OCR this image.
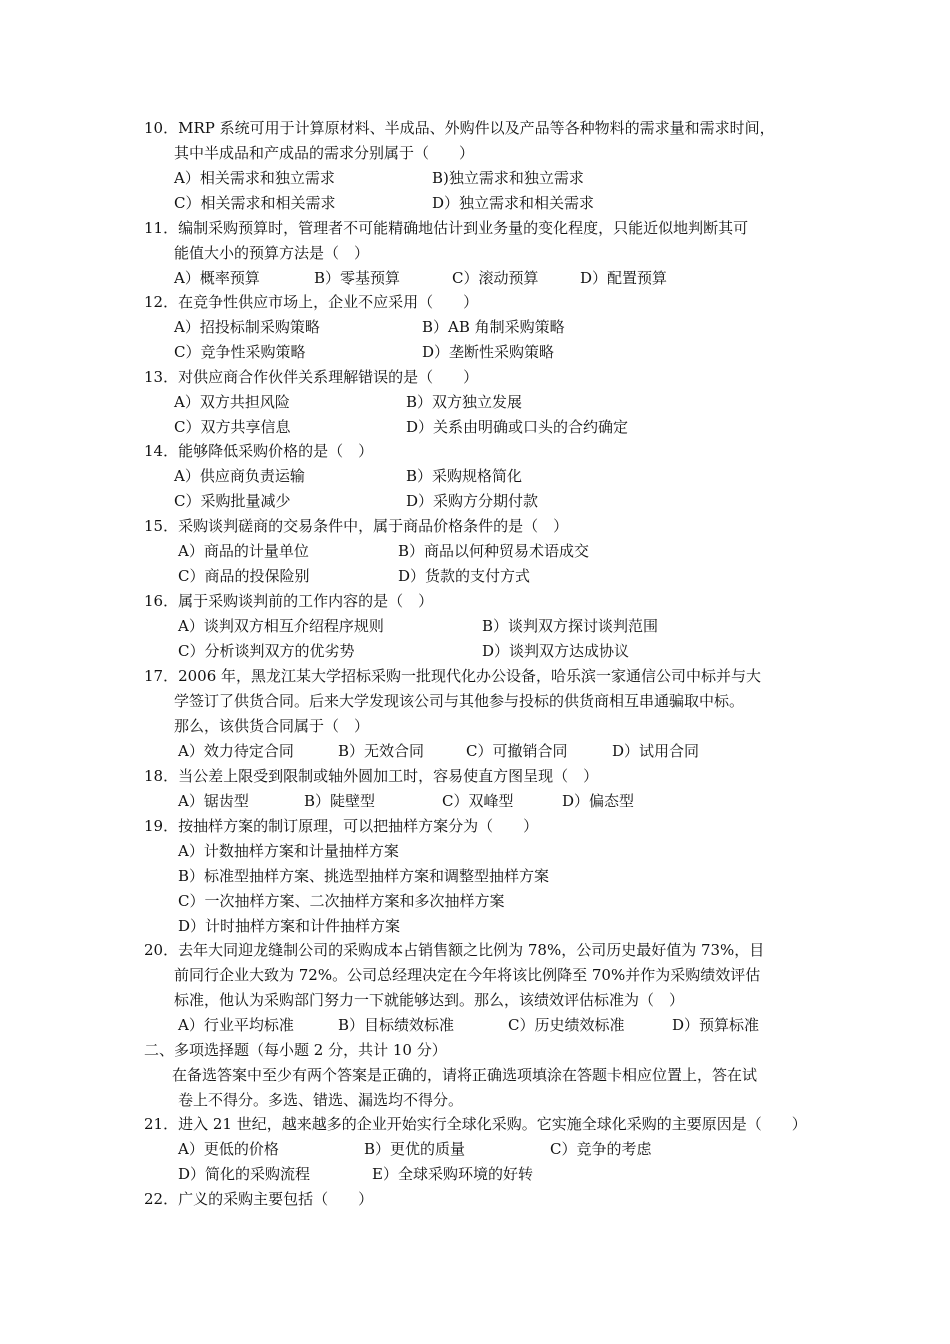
10．MRP 系统可用于计算原材料、半成品、外购件以及产品等各种物料的需求量和需求时间，
其中半成品和产成品的需求分别属于（　　）
A）相关需求和独立需求	B)独立需求和独立需求
C）相关需求和相关需求	D）独立需求和相关需求
11．编制采购预算时，管理者不可能精确地估计到业务量的变化程度，只能近似地判断其可
能值大小的预算方法是（　）
A）概率预算	B）零基预算	C）滚动预算	D）配置预算
12．在竞争性供应市场上，企业不应采用（　　）
A）招投标制采购策略	B）AB 角制采购策略
C）竞争性采购策略	D）垄断性采购策略
13．对供应商合作伙伴关系理解错误的是（　　）
A）双方共担风险	B）双方独立发展
C）双方共享信息	D）关系由明确或口头的合约确定
14．能够降低采购价格的是（　）
A）供应商负责运输	B）采购规格简化
C）采购批量减少	D）采购方分期付款
15．采购谈判磋商的交易条件中，属于商品价格条件的是（　）
A）商品的计量单位	B）商品以何种贸易术语成交
C）商品的投保险别	D）货款的支付方式
16．属于采购谈判前的工作内容的是（　）
A）谈判双方相互介绍程序规则	B）谈判双方探讨谈判范围
C）分析谈判双方的优劣势	D）谈判双方达成协议
17．2006 年，黑龙江某大学招标采购一批现代化办公设备，哈乐滨一家通信公司中标并与大
学签订了供货合同。后来大学发现该公司与其他参与投标的供货商相互串通骗取中标。
那么，该供货合同属于（　）
A）效力待定合同	B）无效合同	C）可撤销合同	D）试用合同
18．当公差上限受到限制或轴外圆加工时，容易使直方图呈现（　）
A）锯齿型	B）陡壁型	C）双峰型	D）偏态型
19．按抽样方案的制订原理，可以把抽样方案分为（　　）
A）计数抽样方案和计量抽样方案
B）标准型抽样方案、挑选型抽样方案和调整型抽样方案
C）一次抽样方案、二次抽样方案和多次抽样方案
D）计时抽样方案和计件抽样方案
20．去年大同迎龙缝制公司的采购成本占销售额之比例为 78%，公司历史最好值为 73%，目
前同行企业大致为 72%。公司总经理决定在今年将该比例降至 70%并作为采购绩效评估
标准，他认为采购部门努力一下就能够达到。那么，该绩效评估标准为（　）
A）行业平均标准	B）目标绩效标准	C）历史绩效标准	D）预算标准
二、多项选择题（每小题 2 分，共计 10 分）
在备选答案中至少有两个答案是正确的，请将正确选项填涂在答题卡相应位置上，答在试
卷上不得分。多选、错选、漏选均不得分。
21．进入 21 世纪，越来越多的企业开始实行全球化采购。它实施全球化采购的主要原因是（　　）
A）更低的价格	B）更优的质量	C）竞争的考虑
D）简化的采购流程	E）全球采购环境的好转
22．广义的采购主要包括（　　）
